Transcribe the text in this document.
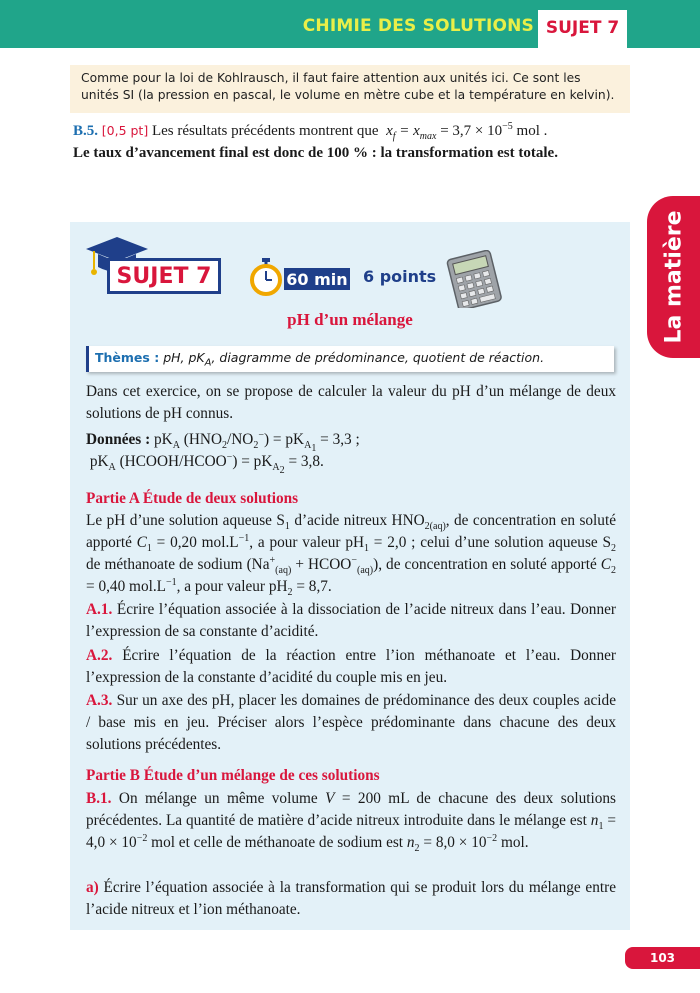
CHIMIE DES SOLUTIONS SUJET 7
La matière
Comme pour la loi de Kohlrausch, il faut faire attention aux unités ici. Ce sont les unités SI (la pression en pascal, le volume en mètre cube et la température en kelvin).
B.5. [0,5 pt] Les résultats précédents montrent que  $x_f = x_{max} = 3,7 \times 10^{-5}$ mol .
Le taux d’avancement final est donc de 100 % : la transformation est totale.
SUJET 7	60 min 6 points
pH d’un mélange
Thèmes : pH, $pK_A$, diagramme de prédominance, quotient de réaction.
Dans cet exercice, on se propose de calculer la valeur du pH d’un mélange de deux solutions de pH connus.
Données : $pK_A$ $(HNO_2/NO_2^-) = pK_{A_1} = 3,3$ ;
$pK_A$ (HCOOH/HCOO−) = $pK_{A_2} = 3,8$.
Partie A Étude de deux solutions
Le pH d’une solution aqueuse $S_1$ d’acide nitreux $HNO_{2(aq)}$, de concentration en soluté apporté $C_1 = 0,20$ $mol.L^{-1}$, a pour valeur $pH_1 = 2,0$ ; celui d’une solution aqueuse $S_2$ de méthanoate de sodium ($Na^+_{(aq)}$ + $HCOO^-_{(aq)}$), de concentration en soluté apporté $C_2 = 0,40$ $mol.L^{-1}$, a pour valeur $pH_2 = 8,7$.
A.1. Écrire l’équation associée à la dissociation de l’acide nitreux dans l’eau. Donner l’expression de sa constante d’acidité.
A.2. Écrire l’équation de la réaction entre l’ion méthanoate et l’eau. Donner l’expression de la constante d’acidité du couple mis en jeu.
A.3. Sur un axe des pH, placer les domaines de prédominance des deux couples acide / base mis en jeu. Préciser alors l’espèce prédominante dans chacune des deux solutions précédentes.
Partie B Étude d’un mélange de ces solutions
B.1. On mélange un même volume V = 200 mL de chacune des deux solutions précédentes. La quantité de matière d’acide nitreux introduite dans le mélange est $n_1 = 4,0 \times 10^{-2}$ mol et celle de méthanoate de sodium est $n_2 = 8,0 \times 10^{-2}$ mol.
a) Écrire l’équation associée à la transformation qui se produit lors du mélange entre l’acide nitreux et l’ion méthanoate.
103
